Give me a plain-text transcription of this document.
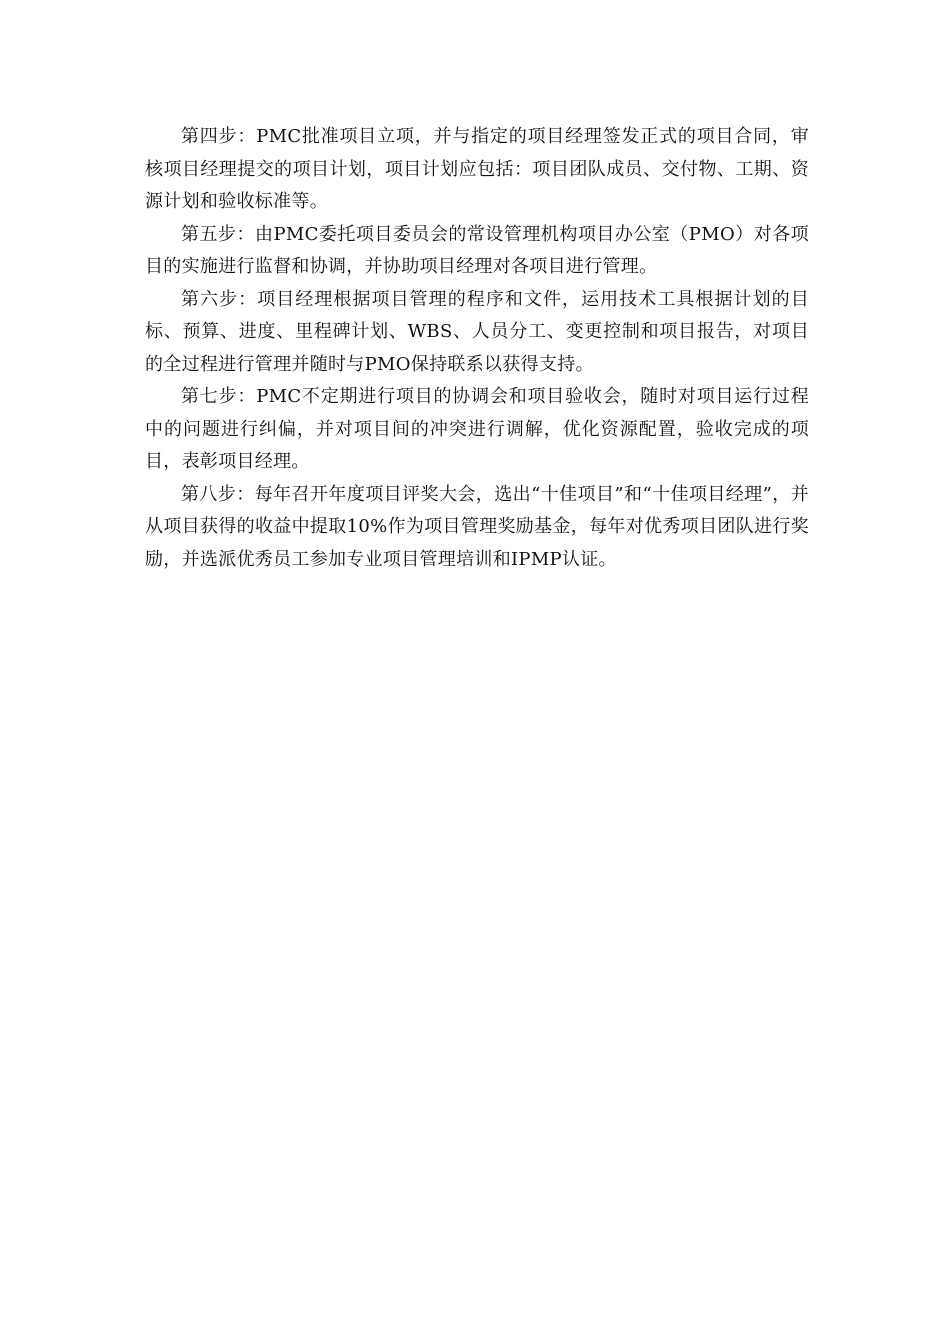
第四步：PMC批准项目立项，并与指定的项目经理签发正式的项目合同，审核项目经理提交的项目计划，项目计划应包括：项目团队成员、交付物、工期、资源计划和验收标准等。

第五步：由PMC委托项目委员会的常设管理机构项目办公室（PMO）对各项目的实施进行监督和协调，并协助项目经理对各项目进行管理。

第六步：项目经理根据项目管理的程序和文件，运用技术工具根据计划的目标、预算、进度、里程碑计划、WBS、人员分工、变更控制和项目报告，对项目的全过程进行管理并随时与PMO保持联系以获得支持。

第七步：PMC不定期进行项目的协调会和项目验收会，随时对项目运行过程中的问题进行纠偏，并对项目间的冲突进行调解，优化资源配置，验收完成的项目，表彰项目经理。

第八步：每年召开年度项目评奖大会，选出“十佳项目”和“十佳项目经理”，并从项目获得的收益中提取10%作为项目管理奖励基金，每年对优秀项目团队进行奖励，并选派优秀员工参加专业项目管理培训和IPMP认证。
